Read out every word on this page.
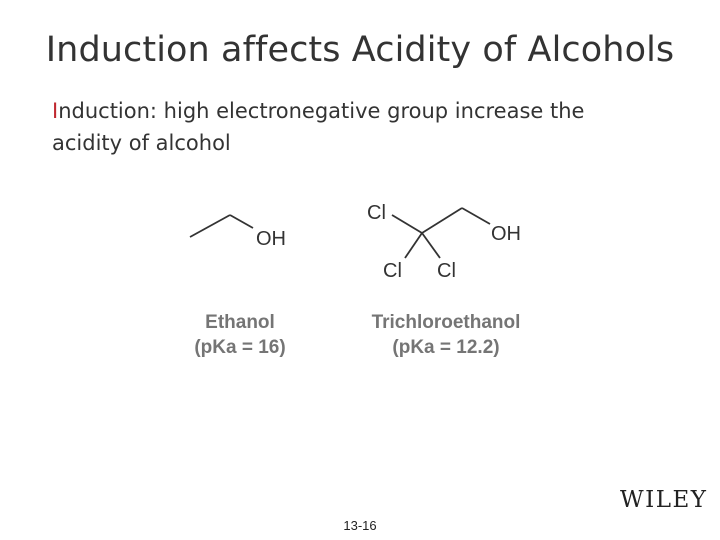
Induction affects Acidity of Alcohols
Induction: high electronegative group increase the acidity of alcohol
OH
Cl
OH
Cl Cl
Ethanol
(pKa = 16)
Trichloroethanol
(pKa = 12.2)
13-16
WILEY
